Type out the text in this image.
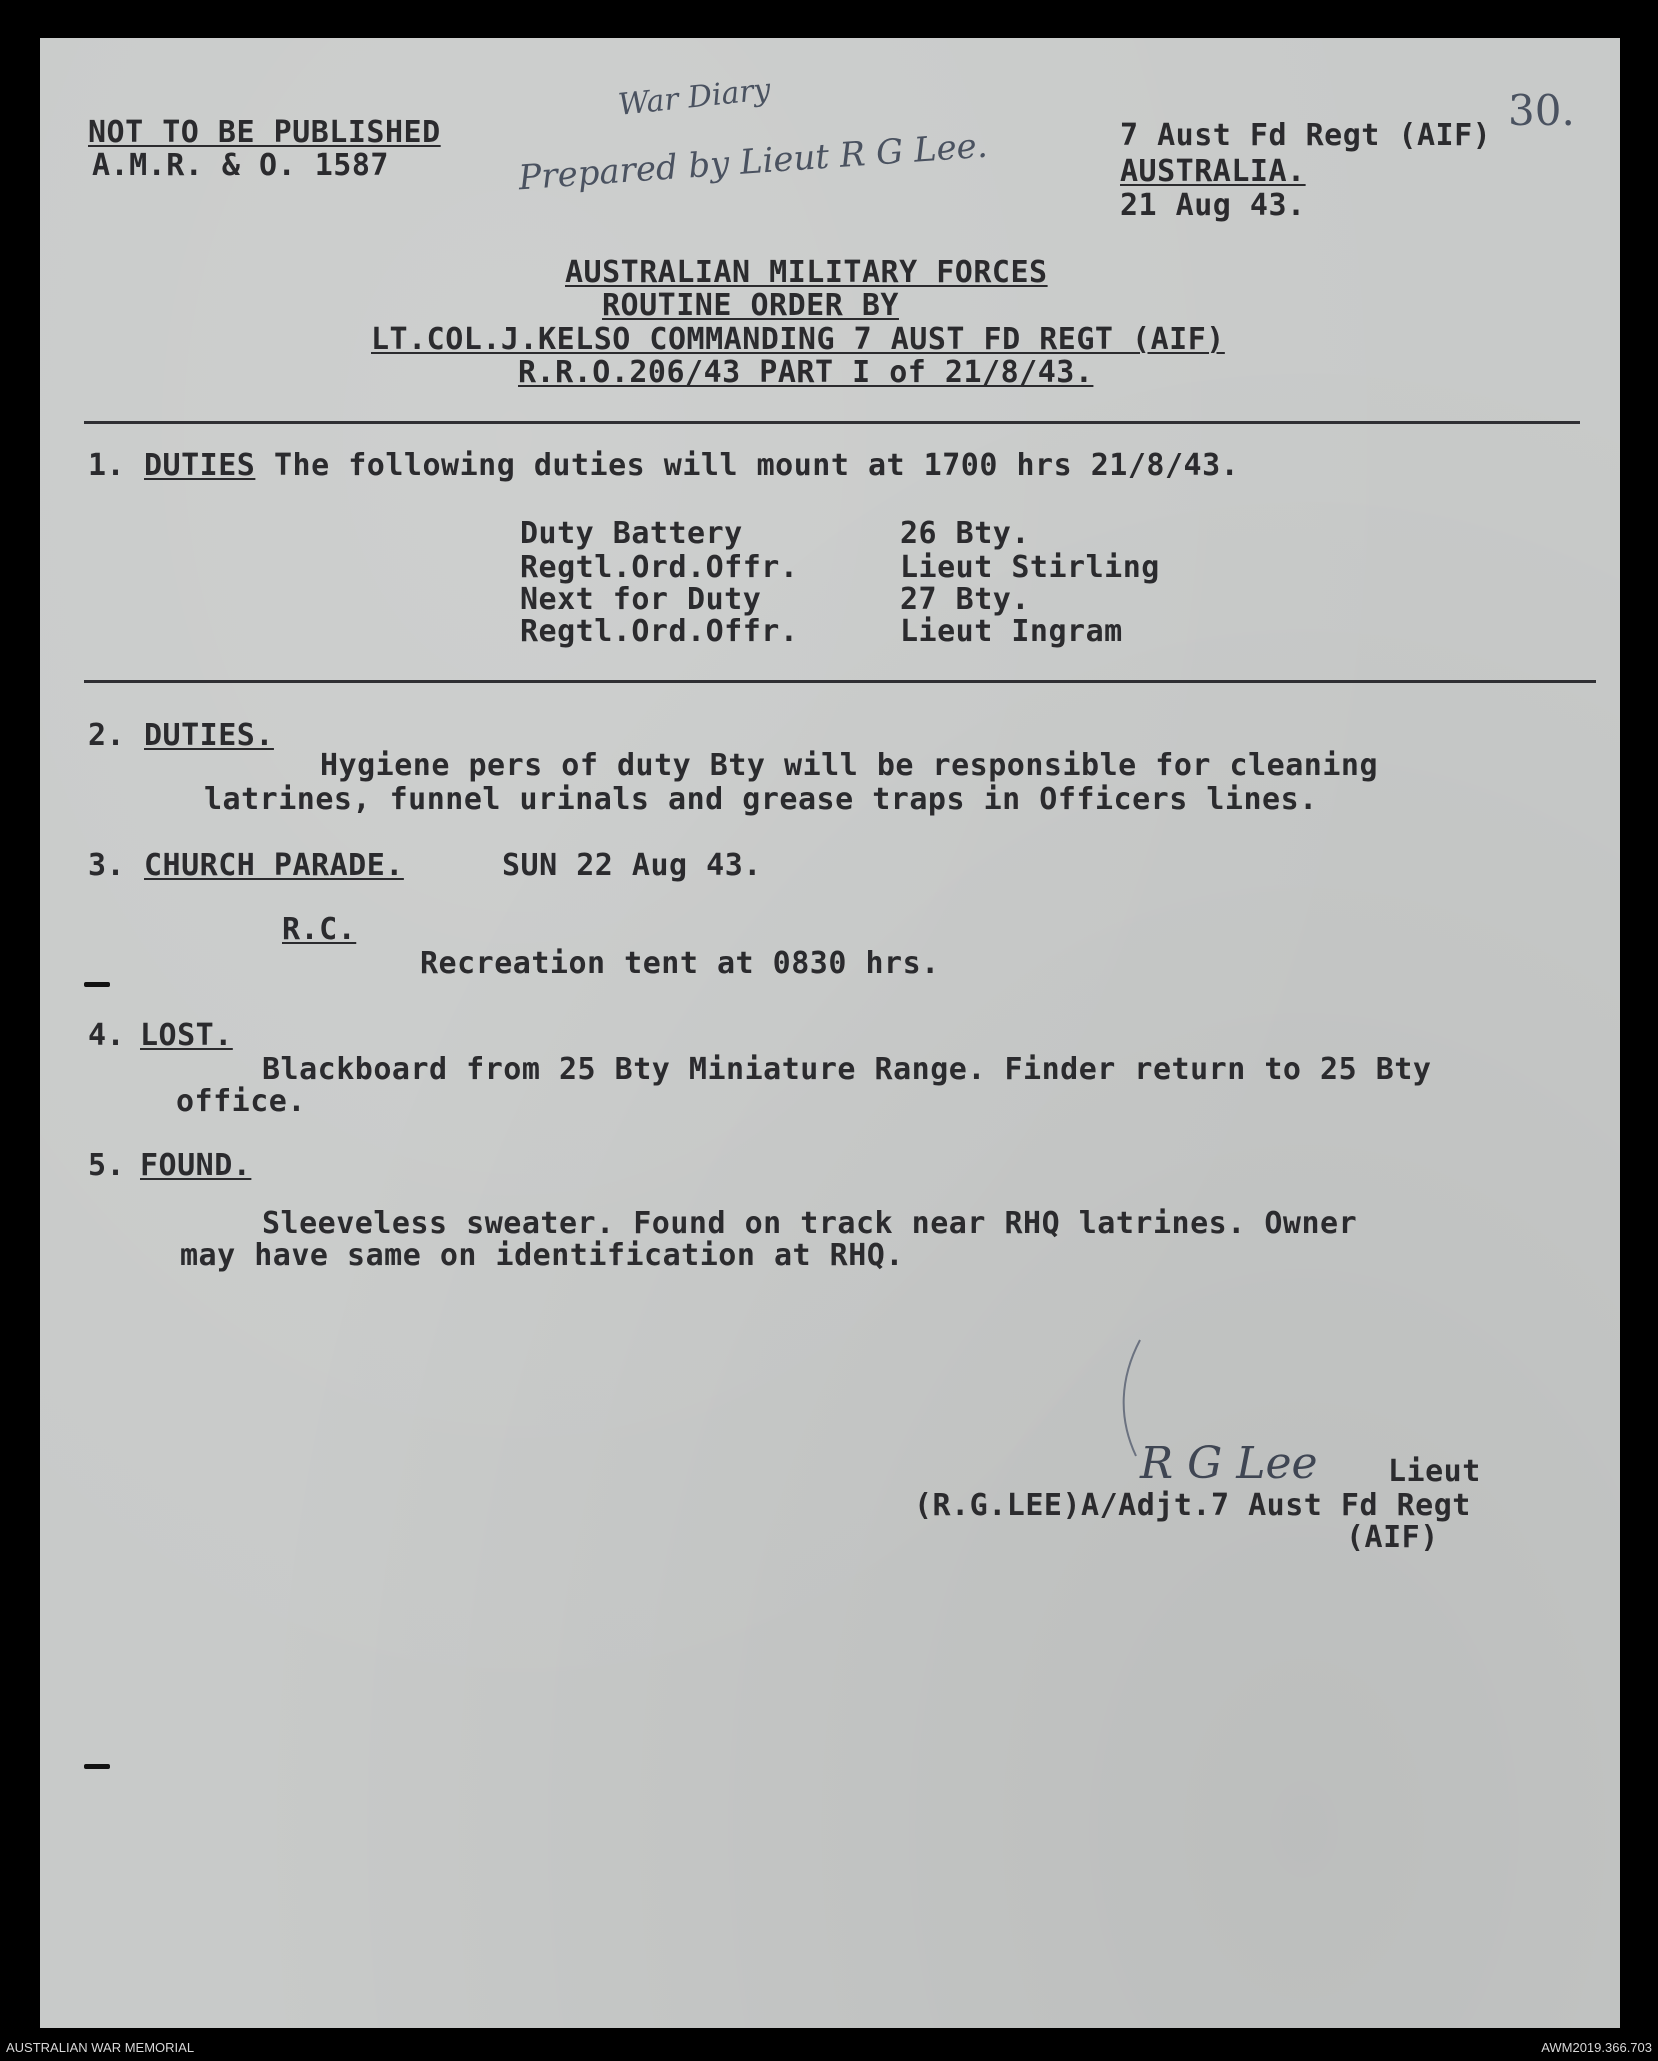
NOT TO BE PUBLISHED
A.M.R. & O. 1587
War Diary
Prepared by Lieut R G Lee.
30.
7 Aust Fd Regt (AIF)
AUSTRALIA.
21 Aug 43.
AUSTRALIAN MILITARY FORCES
ROUTINE ORDER BY
LT.COL.J.KELSO COMMANDING 7 AUST FD REGT (AIF)
R.R.O.206/43 PART I of 21/8/43.
1. DUTIES The following duties will mount at 1700 hrs 21/8/43.
Duty Battery	26 Bty.
Regtl.Ord.Offr.	Lieut Stirling
Next for Duty	27 Bty.
Regtl.Ord.Offr.	Lieut Ingram
2. DUTIES.
Hygiene pers of duty Bty will be responsible for cleaning
latrines, funnel urinals and grease traps in Officers lines.
3. CHURCH PARADE.	SUN 22 Aug 43.
R.C.
Recreation tent at 0830 hrs.
4. LOST.
Blackboard from 25 Bty Miniature Range. Finder return to 25 Bty
office.
5. FOUND.
Sleeveless sweater. Found on track near RHQ latrines. Owner
may have same on identification at RHQ.
R G Lee Lieut
(R.G.LEE)A/Adjt.7 Aust Fd Regt
(AIF)
AUSTRALIAN WAR MEMORIAL	AWM2019.366.703
